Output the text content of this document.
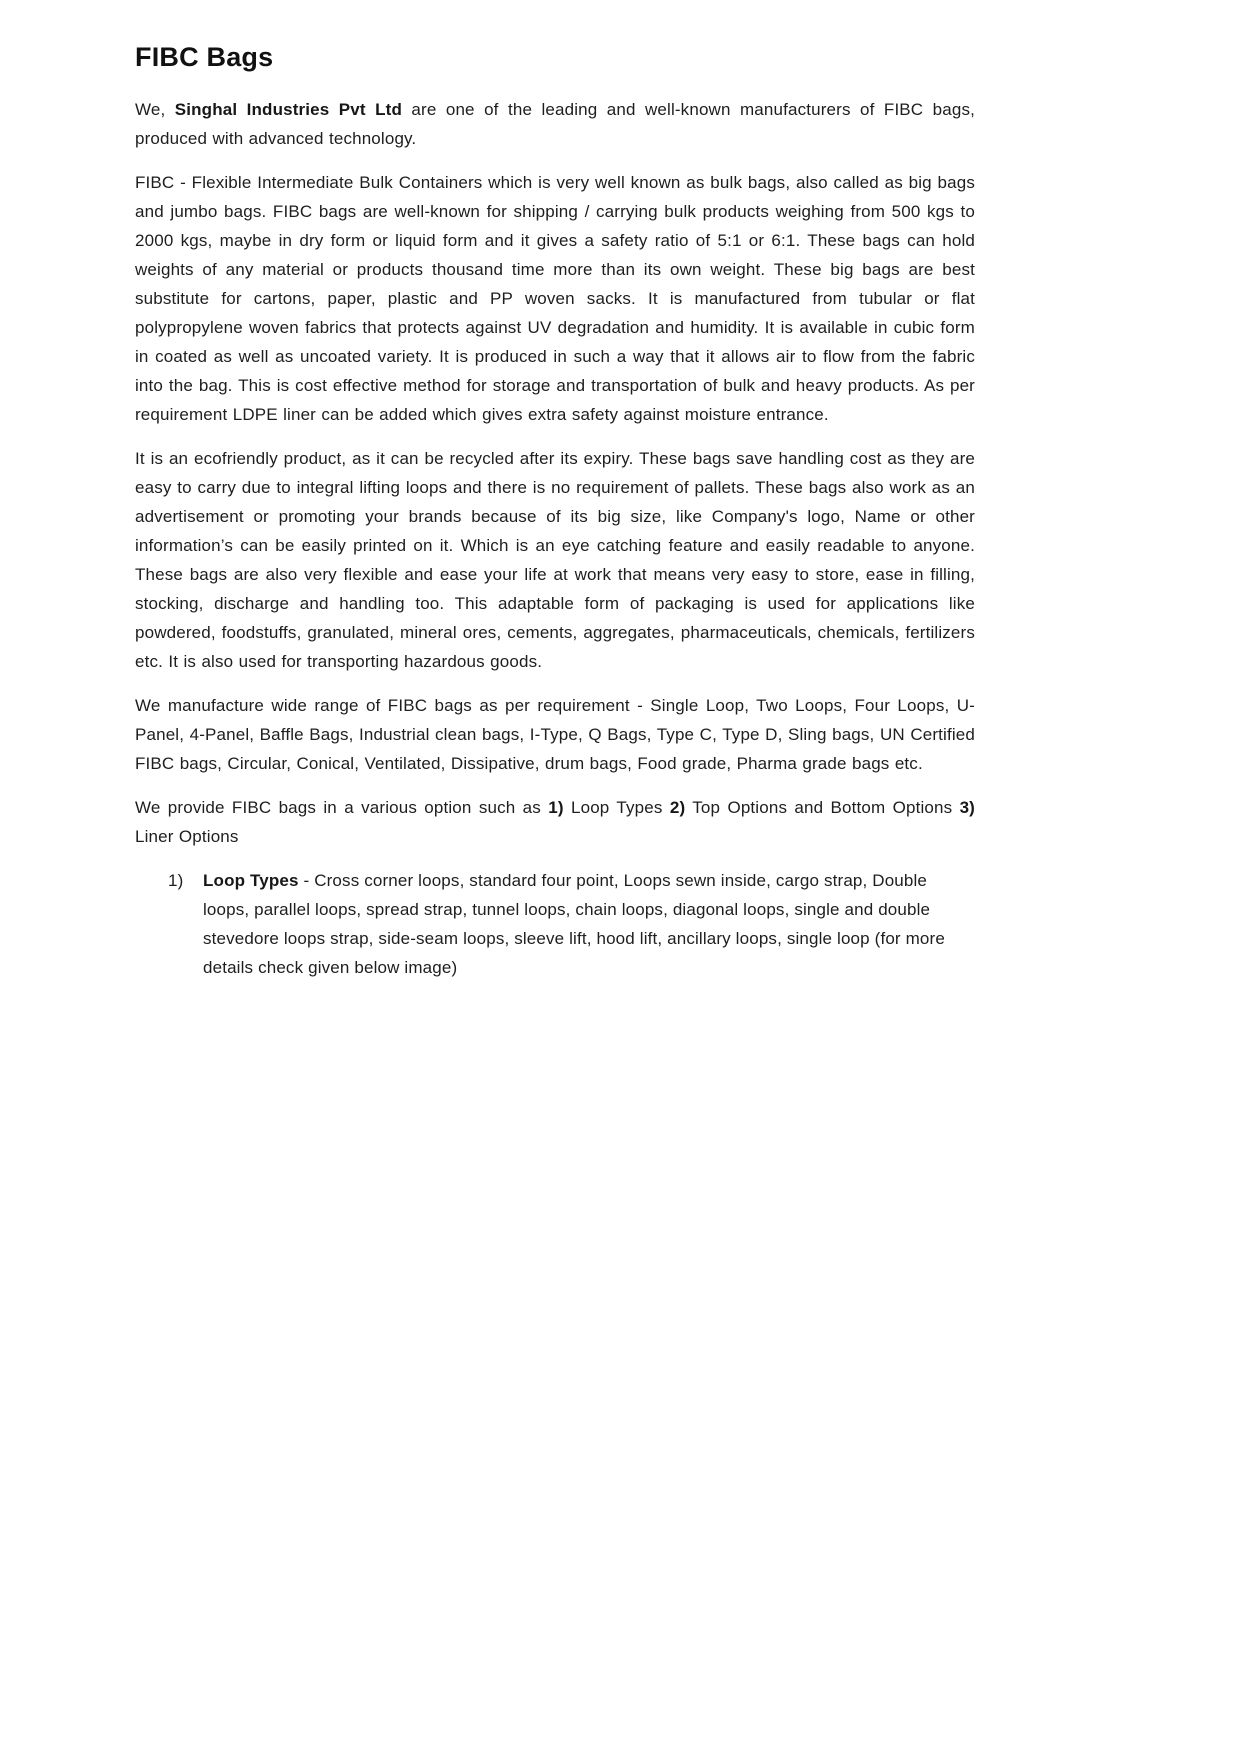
FIBC Bags

We, Singhal Industries Pvt Ltd are one of the leading and well-known manufacturers of FIBC bags, produced with advanced technology.

FIBC - Flexible Intermediate Bulk Containers which is very well known as bulk bags, also called as big bags and jumbo bags. FIBC bags are well-known for shipping / carrying bulk products weighing from 500 kgs to 2000 kgs, maybe in dry form or liquid form and it gives a safety ratio of 5:1 or 6:1. These bags can hold weights of any material or products thousand time more than its own weight. These big bags are best substitute for cartons, paper, plastic and PP woven sacks. It is manufactured from tubular or flat polypropylene woven fabrics that protects against UV degradation and humidity. It is available in cubic form in coated as well as uncoated variety. It is produced in such a way that it allows air to flow from the fabric into the bag. This is cost effective method for storage and transportation of bulk and heavy products. As per requirement LDPE liner can be added which gives extra safety against moisture entrance.

It is an ecofriendly product, as it can be recycled after its expiry. These bags save handling cost as they are easy to carry due to integral lifting loops and there is no requirement of pallets. These bags also work as an advertisement or promoting your brands because of its big size, like Company's logo, Name or other information’s can be easily printed on it. Which is an eye catching feature and easily readable to anyone. These bags are also very flexible and ease your life at work that means very easy to store, ease in filling, stocking, discharge and handling too. This adaptable form of packaging is used for applications like powdered, foodstuffs, granulated, mineral ores, cements, aggregates, pharmaceuticals, chemicals, fertilizers etc. It is also used for transporting hazardous goods.

We manufacture wide range of FIBC bags as per requirement - Single Loop, Two Loops, Four Loops, U-Panel, 4-Panel, Baffle Bags, Industrial clean bags, I-Type, Q Bags, Type C, Type D, Sling bags, UN Certified FIBC bags, Circular, Conical, Ventilated, Dissipative, drum bags, Food grade, Pharma grade bags etc.

We provide FIBC bags in a various option such as 1) Loop Types 2) Top Options and Bottom Options 3) Liner Options

1)	Loop Types - Cross corner loops, standard four point, Loops sewn inside, cargo strap, Double loops, parallel loops, spread strap, tunnel loops, chain loops, diagonal loops, single and double stevedore loops strap, side-seam loops, sleeve lift, hood lift, ancillary loops, single loop (for more details check given below image)
